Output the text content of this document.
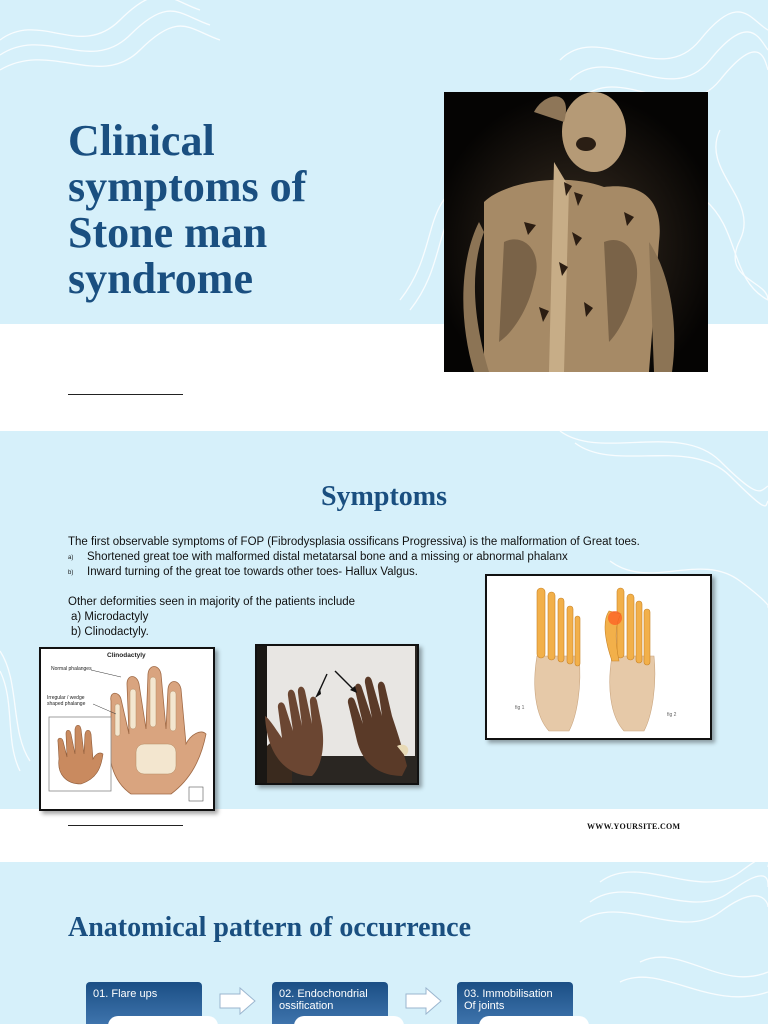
Clinical symptoms of Stone man syndrome
Symptoms
The first observable symptoms of FOP (Fibrodysplasia ossificans Progressiva) is the malformation of Great toes.
a) Shortened great toe with malformed distal metatarsal bone and a missing or abnormal phalanx
b) Inward turning of the great toe towards other toes- Hallux Valgus.
Other deformities seen in majority of the patients include
a) Microdactyly
b) Clinodactyly.
Clinodactyly
Normal phalanges
Irregular / wedge shaped phalange
fig 1
fig 2
WWW.YOURSITE.COM
Anatomical pattern of occurrence
01. Flare ups	02. Endochondrial ossification
03. Immobilisation Of joints
